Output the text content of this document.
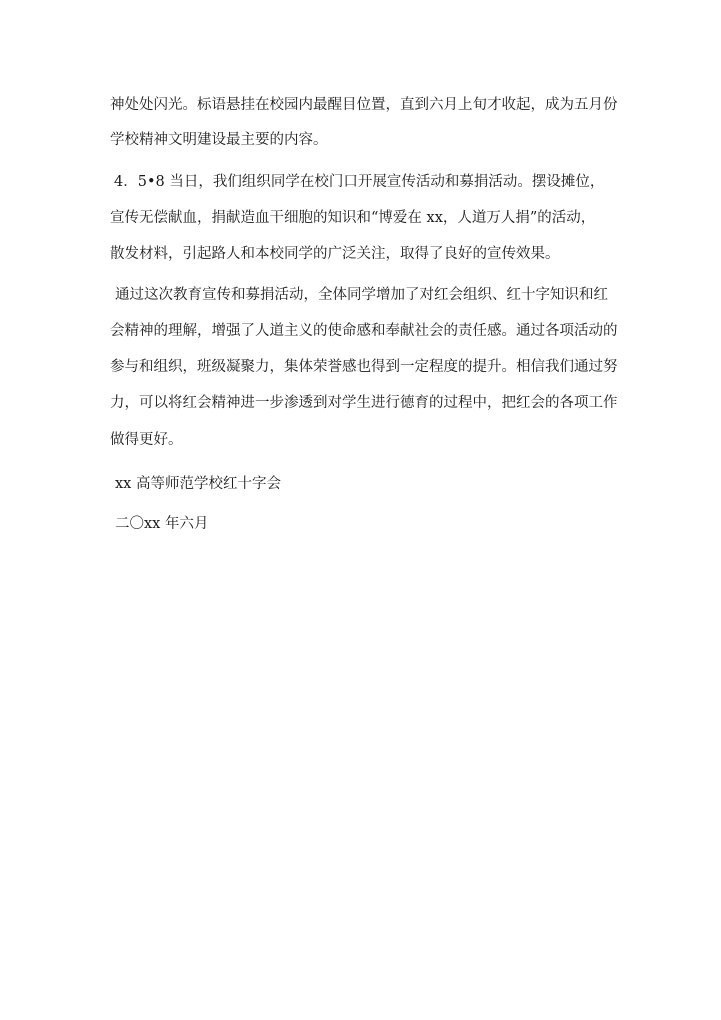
神处处闪光。标语悬挂在校园内最醒目位置，直到六月上旬才收起，成为五月份
学校精神文明建设最主要的内容。
4．5•8 当日，我们组织同学在校门口开展宣传活动和募捐活动。摆设摊位，
宣传无偿献血，捐献造血干细胞的知识和“博爱在 xx，人道万人捐”的活动，
散发材料，引起路人和本校同学的广泛关注，取得了良好的宣传效果。
通过这次教育宣传和募捐活动，全体同学增加了对红会组织、红十字知识和红
会精神的理解，增强了人道主义的使命感和奉献社会的责任感。通过各项活动的
参与和组织，班级凝聚力，集体荣誉感也得到一定程度的提升。相信我们通过努
力，可以将红会精神进一步渗透到对学生进行德育的过程中，把红会的各项工作
做得更好。
xx 高等师范学校红十字会
二〇xx 年六月
